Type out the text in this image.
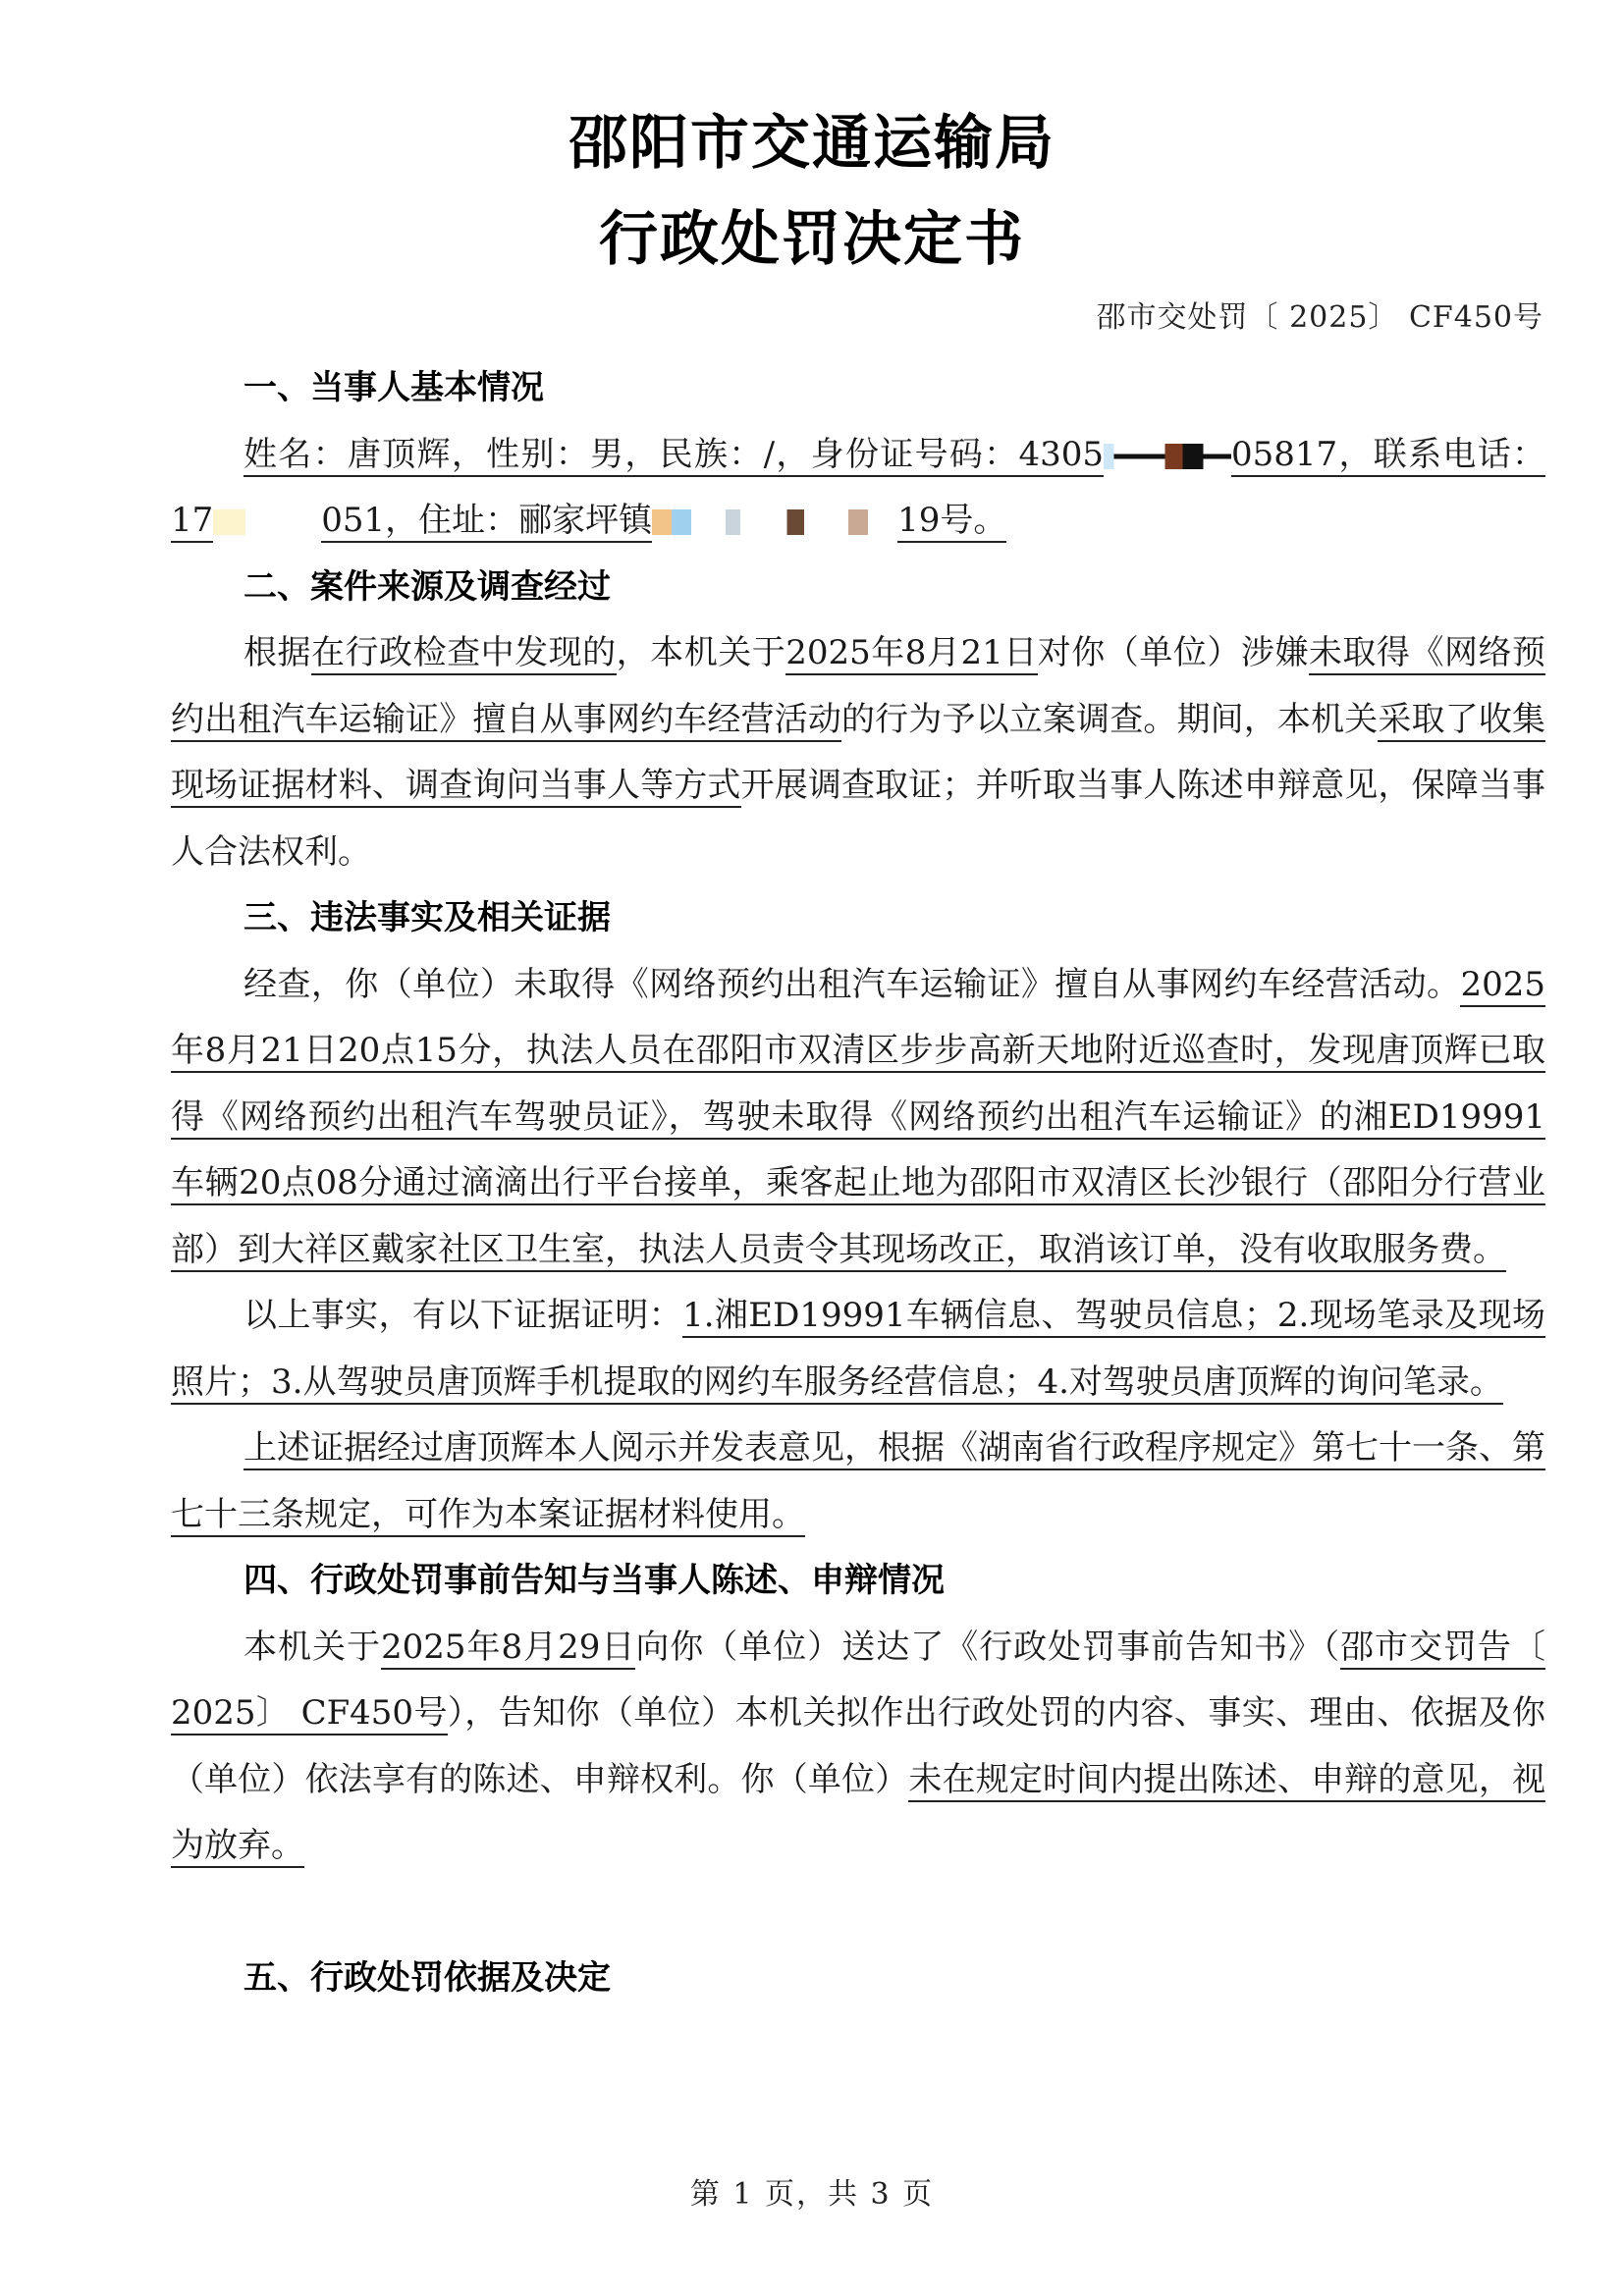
邵阳市交通运输局
行政处罚决定书
邵市交处罚〔 2025〕 CF450号

一、当事人基本情况

姓名：唐顶辉，性别：男，民族：/，身份证号码：4305	05817，联系电话：17	051，住址：郦家坪镇	19号。

二、案件来源及调查经过

根据在行政检查中发现的，本机关于2025年8月21日对你（单位）涉嫌未取得《网络预约出租汽车运输证》擅自从事网约车经营活动的行为予以立案调查。期间，本机关采取了收集现场证据材料、调查询问当事人等方式开展调查取证；并听取当事人陈述申辩意见，保障当事人合法权利。

三、违法事实及相关证据

经查，你（单位）未取得《网络预约出租汽车运输证》擅自从事网约车经营活动。2025年8月21日20点15分，执法人员在邵阳市双清区步步高新天地附近巡查时，发现唐顶辉已取得《网络预约出租汽车驾驶员证》，驾驶未取得《网络预约出租汽车运输证》的湘ED19991车辆20点08分通过滴滴出行平台接单，乘客起止地为邵阳市双清区长沙银行（邵阳分行营业部）到大祥区戴家社区卫生室，执法人员责令其现场改正，取消该订单，没有收取服务费。

以上事实，有以下证据证明：1.湘ED19991车辆信息、驾驶员信息；2.现场笔录及现场照片；3.从驾驶员唐顶辉手机提取的网约车服务经营信息；4.对驾驶员唐顶辉的询问笔录。

上述证据经过唐顶辉本人阅示并发表意见，根据《湖南省行政程序规定》第七十一条、第七十三条规定，可作为本案证据材料使用。

四、行政处罚事前告知与当事人陈述、申辩情况

本机关于2025年8月29日向你（单位）送达了《行政处罚事前告知书》（邵市交罚告〔 2025〕 CF450号），告知你（单位）本机关拟作出行政处罚的内容、事实、理由、依据及你（单位）依法享有的陈述、申辩权利。你（单位）未在规定时间内提出陈述、申辩的意见，视为放弃。

五、行政处罚依据及决定

第 1 页，共 3 页
